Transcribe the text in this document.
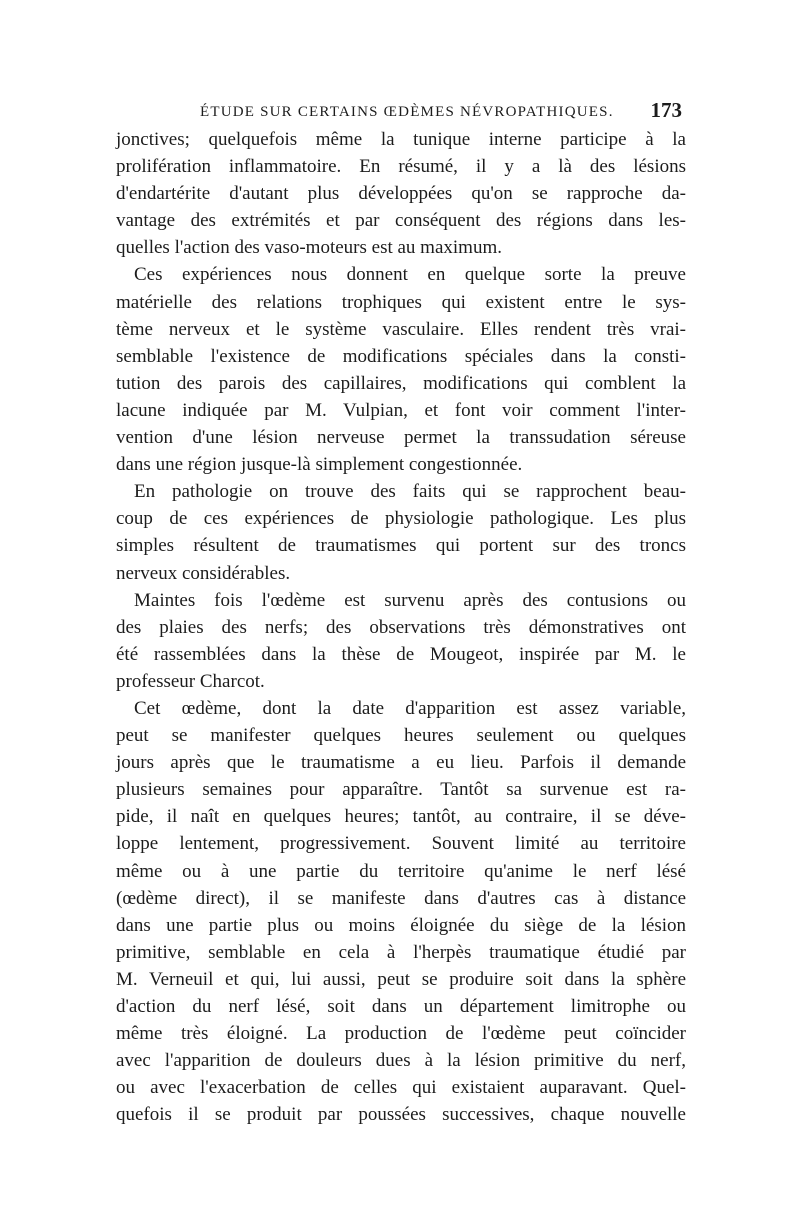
ÉTUDE SUR CERTAINS ŒDÈMES NÉVROPATHIQUES. 173
jonctives; quelquefois même la tunique interne participe à la
prolifération inflammatoire. En résumé, il y a là des lésions
d'endartérite d'autant plus développées qu'on se rapproche da-
vantage des extrémités et par conséquent des régions dans les-
quelles l'action des vaso-moteurs est au maximum.
Ces expériences nous donnent en quelque sorte la preuve
matérielle des relations trophiques qui existent entre le sys-
tème nerveux et le système vasculaire. Elles rendent très vrai-
semblable l'existence de modifications spéciales dans la consti-
tution des parois des capillaires, modifications qui comblent la
lacune indiquée par M. Vulpian, et font voir comment l'inter-
vention d'une lésion nerveuse permet la transsudation séreuse
dans une région jusque-là simplement congestionnée.
En pathologie on trouve des faits qui se rapprochent beau-
coup de ces expériences de physiologie pathologique. Les plus
simples résultent de traumatismes qui portent sur des troncs
nerveux considérables.
Maintes fois l'œdème est survenu après des contusions ou
des plaies des nerfs; des observations très démonstratives ont
été rassemblées dans la thèse de Mougeot, inspirée par M. le
professeur Charcot.
Cet œdème, dont la date d'apparition est assez variable,
peut se manifester quelques heures seulement ou quelques
jours après que le traumatisme a eu lieu. Parfois il demande
plusieurs semaines pour apparaître. Tantôt sa survenue est ra-
pide, il naît en quelques heures; tantôt, au contraire, il se déve-
loppe lentement, progressivement. Souvent limité au territoire
même ou à une partie du territoire qu'anime le nerf lésé
(œdème direct), il se manifeste dans d'autres cas à distance
dans une partie plus ou moins éloignée du siège de la lésion
primitive, semblable en cela à l'herpès traumatique étudié par
M. Verneuil et qui, lui aussi, peut se produire soit dans la sphère
d'action du nerf lésé, soit dans un département limitrophe ou
même très éloigné. La production de l'œdème peut coïncider
avec l'apparition de douleurs dues à la lésion primitive du nerf,
ou avec l'exacerbation de celles qui existaient auparavant. Quel-
quefois il se produit par poussées successives, chaque nouvelle
